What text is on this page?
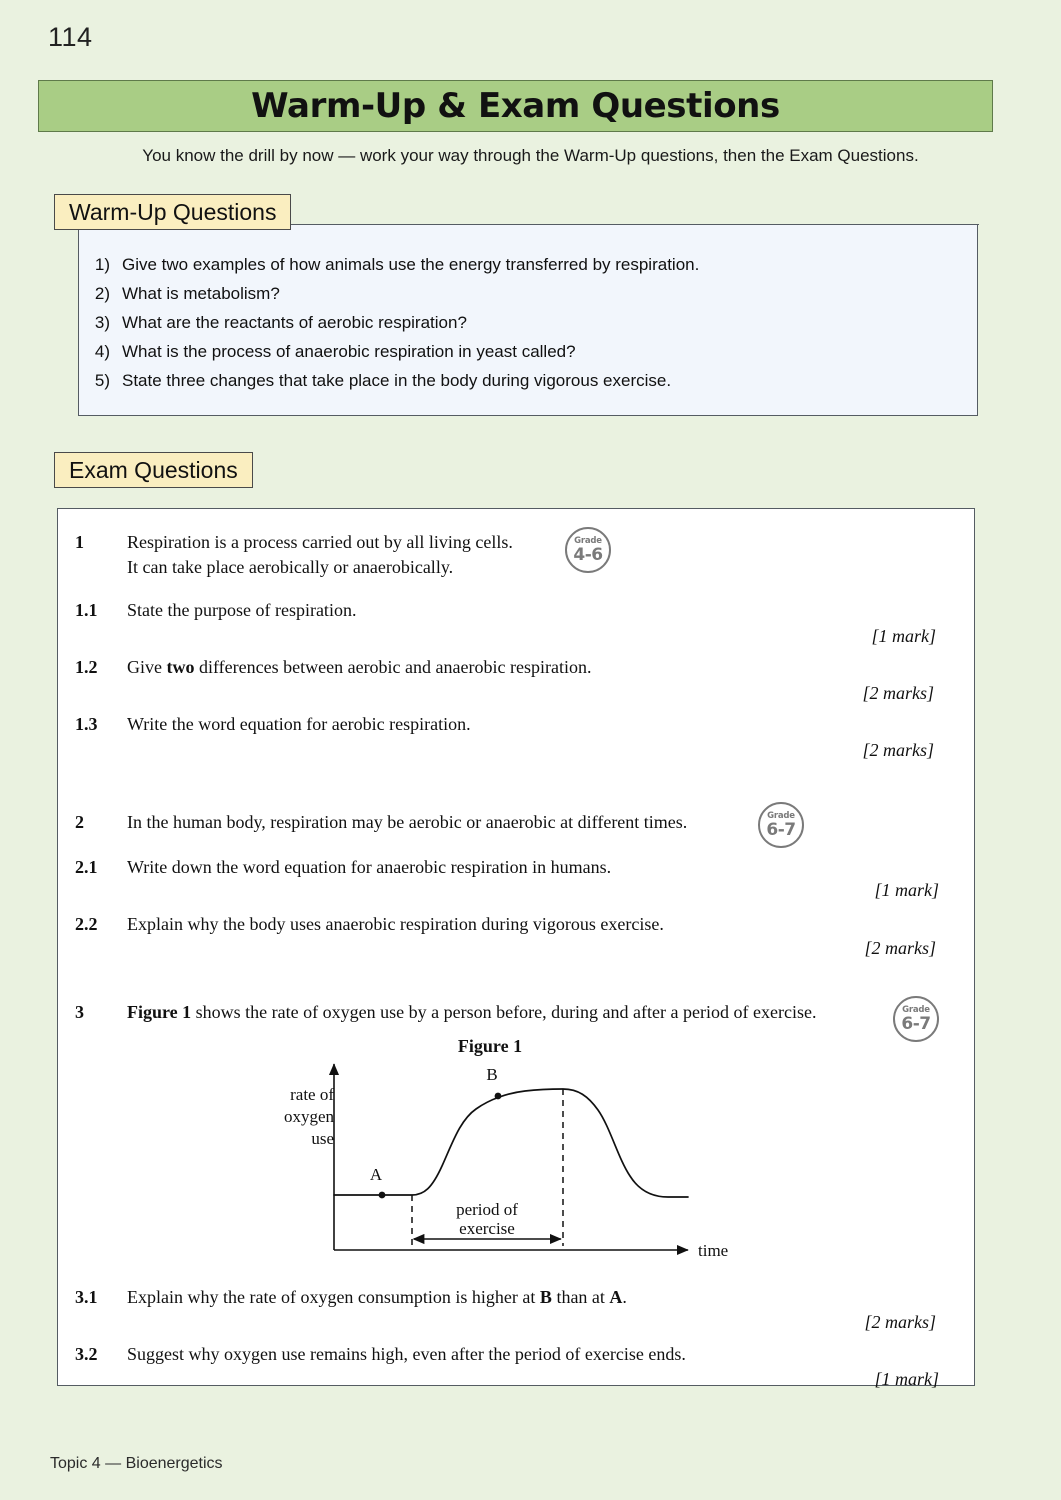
114
Warm-Up & Exam Questions
You know the drill by now — work your way through the Warm-Up questions, then the Exam Questions.
Warm-Up Questions
1) Give two examples of how animals use the energy transferred by respiration.
2) What is metabolism?
3) What are the reactants of aerobic respiration?
4) What is the process of anaerobic respiration in yeast called?
5) State three changes that take place in the body during vigorous exercise.
Exam Questions
1	Respiration is a process carried out by all living cells.
It can take place aerobically or anaerobically.
Grade
4-6
1.1	State the purpose of respiration.
[1 mark]
1.2	Give two differences between aerobic and anaerobic respiration.
[2 marks]
1.3	Write the word equation for aerobic respiration.
[2 marks]
2	In the human body, respiration may be aerobic or anaerobic at different times.	Grade
6-7
2.1	Write down the word equation for anaerobic respiration in humans.
[1 mark]
2.2	Explain why the body uses anaerobic respiration during vigorous exercise.
[2 marks]
3	Figure 1 shows the rate of oxygen use by a person before, during and after a period of exercise.	Grade
6-7
Figure 1
rate of
oxygen
use
A
B
period of
exercise
time
3.1	Explain why the rate of oxygen consumption is higher at B than at A.
[2 marks]
3.2	Suggest why oxygen use remains high, even after the period of exercise ends.
[1 mark]
Topic 4 — Bioenergetics
